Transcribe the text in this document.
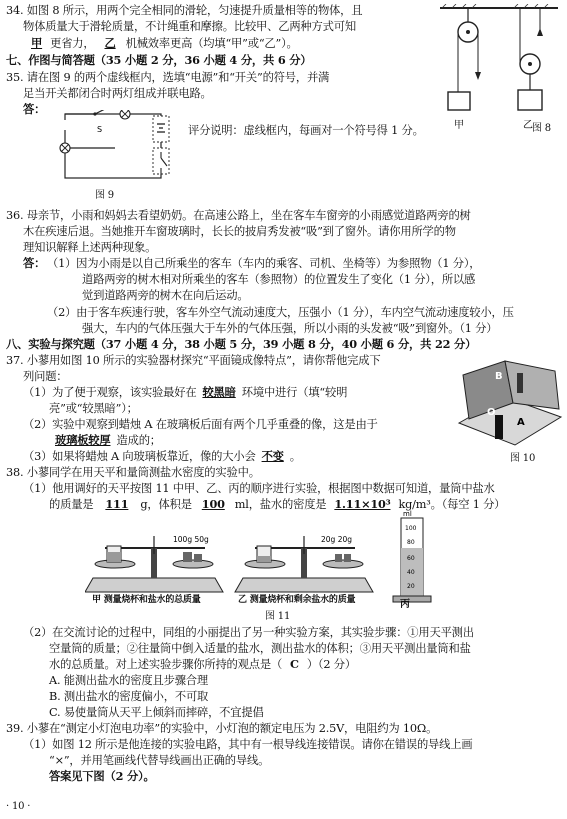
34. 如图 8 所示，用两个完全相同的滑轮，匀速提升质量相等的物体，且
物体质量大于滑轮质量，不计绳重和摩擦。比较甲、乙两种方式可知
甲 更省力， 乙 机械效率更高（均填“甲”或“乙”）。
甲	乙 图 8
七、作图与简答题（35 小题 2 分，36 小题 4 分，共 6 分）
35. 请在图 9 的两个虚线框内，选填“电源”和“开关”的符号，并满
足当开关都闭合时两灯组成并联电路。
答：
S
图 9
评分说明：虚线框内，每画对一个符号得 1 分。
36. 母亲节，小雨和妈妈去看望奶奶。在高速公路上，坐在客车车窗旁的小雨感觉道路两旁的树
木在疾速后退。当她推开车窗玻璃时，长长的披肩秀发被“吸”到了窗外。请你用所学的物
理知识解释上述两种现象。
答： （1）因为小雨是以自己所乘坐的客车（车内的乘客、司机、坐椅等）为参照物（1 分），
道路两旁的树木相对所乘坐的客车（参照物）的位置发生了变化（1 分），所以感
觉到道路两旁的树木在向后运动。
（2）由于客车疾速行驶，客车外空气流动速度大，压强小（1 分），车内空气流动速度较小，压
强大，车内的气体压强大于车外的气体压强，所以小雨的头发被“吸”到窗外。（1 分）
八、实验与探究题（37 小题 4 分，38 小题 5 分，39 小题 8 分，40 小题 6 分，共 22 分）
37. 小蓼用如图 10 所示的实验器材探究“平面镜成像特点”，请你帮他完成下
列问题：
（1）为了便于观察，该实验最好在 较黑暗 环境中进行（填“较明
亮”或“较黑暗”）；
（2）实验中观察到蜡烛 A 在玻璃板后面有两个几乎重叠的像，这是由于
玻璃板较厚 造成的；
（3）如果将蜡烛 A 向玻璃板靠近，像的大小会 不变 。
B
O
A
图 10
38. 小蓼同学在用天平和量筒测盐水密度的实验中。
（1）他用调好的天平按图 11 中甲、乙、丙的顺序进行实验，根据图中数据可知道，量筒中盐水
的质量是 111 g，体积是 100 ml，盐水的密度是 1.11×10³ kg/m³。（每空 1 分）
100g 50g	20g 20g
ml
100
80
60
40
20
甲 测量烧杯和盐水的总质量	乙 测量烧杯和剩余盐水的质量	丙
图 11
（2）在交流讨论的过程中，同组的小丽提出了另一种实验方案，其实验步骤：①用天平测出
空量筒的质量；②往量筒中倒入适量的盐水，测出盐水的体积；③用天平测出量筒和盐
水的总质量。对上述实验步骤你所持的观点是（ C ）（2 分）
A. 能测出盐水的密度且步骤合理
B. 测出盐水的密度偏小，不可取
C. 易使量筒从天平上倾斜而摔碎，不宜提倡
39. 小蓼在“测定小灯泡电功率”的实验中，小灯泡的额定电压为 2.5V，电阻约为 10Ω。
（1）如图 12 所示是他连接的实验电路，其中有一根导线连接错误。请你在错误的导线上画
“×”，并用笔画线代替导线画出正确的导线。
答案见下图（2 分）。
· 10 ·
